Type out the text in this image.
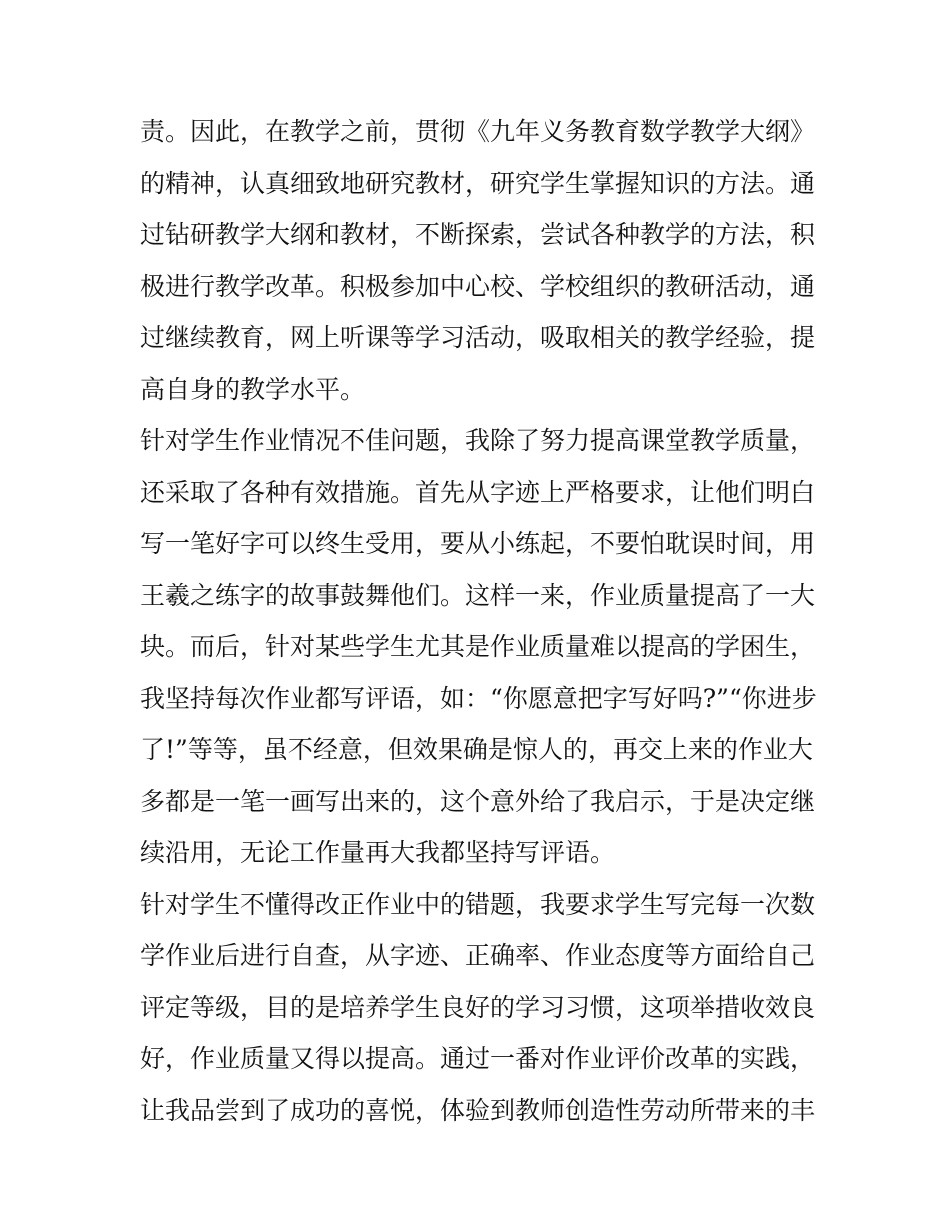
责。因此，在教学之前，贯彻《九年义务教育数学教学大纲》
的精神，认真细致地研究教材，研究学生掌握知识的方法。通
过钻研教学大纲和教材，不断探索，尝试各种教学的方法，积
极进行教学改革。积极参加中心校、学校组织的教研活动，通
过继续教育，网上听课等学习活动，吸取相关的教学经验，提
高自身的教学水平。
针对学生作业情况不佳问题，我除了努力提高课堂教学质量，
还采取了各种有效措施。首先从字迹上严格要求，让他们明白
写一笔好字可以终生受用，要从小练起，不要怕耽误时间，用
王羲之练字的故事鼓舞他们。这样一来，作业质量提高了一大
块。而后，针对某些学生尤其是作业质量难以提高的学困生，
我坚持每次作业都写评语，如：“你愿意把字写好吗?”“你进步
了!”等等，虽不经意，但效果确是惊人的，再交上来的作业大
多都是一笔一画写出来的，这个意外给了我启示，于是决定继
续沿用，无论工作量再大我都坚持写评语。
针对学生不懂得改正作业中的错题，我要求学生写完每一次数
学作业后进行自查，从字迹、正确率、作业态度等方面给自己
评定等级，目的是培养学生良好的学习习惯，这项举措收效良
好，作业质量又得以提高。通过一番对作业评价改革的实践，
让我品尝到了成功的喜悦，体验到教师创造性劳动所带来的丰
